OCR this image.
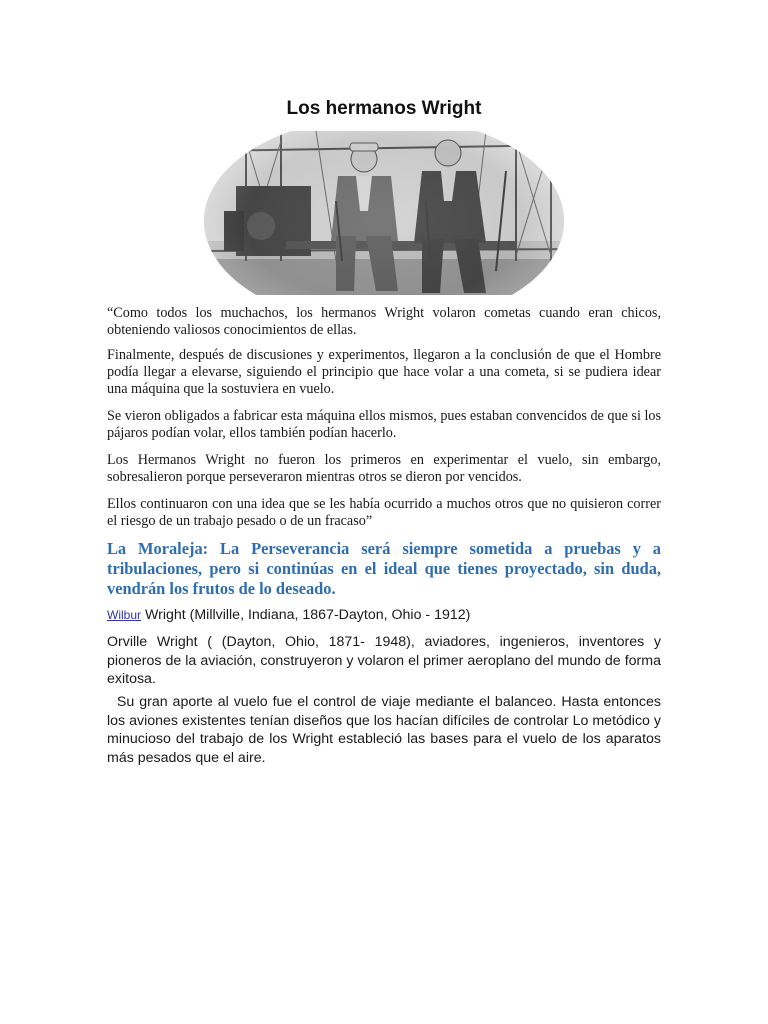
Los hermanos Wright

“Como todos los muchachos, los hermanos Wright volaron cometas cuando eran chicos, obteniendo valiosos conocimientos de ellas.

Finalmente, después de discusiones y experimentos, llegaron a la conclusión de que el Hombre podía llegar a elevarse, siguiendo el principio que hace volar a una cometa, si se pudiera idear una máquina que la sostuviera en vuelo.

Se vieron obligados a fabricar esta máquina ellos mismos, pues estaban convencidos de que si los pájaros podían volar, ellos también podían hacerlo.

Los Hermanos Wright no fueron los primeros en experimentar el vuelo, sin embargo, sobresalieron porque perseveraron mientras otros se dieron por vencidos.

Ellos continuaron con una idea que se les había ocurrido a muchos otros que no quisieron correr el riesgo de un trabajo pesado o de un fracaso”

La Moraleja: La Perseverancia será siempre sometida a pruebas y a tribulaciones, pero si continúas en el ideal que tienes proyectado, sin duda, vendrán los frutos de lo deseado.

Wilbur Wright (Millville, Indiana, 1867-Dayton, Ohio - 1912)

Orville Wright ( (Dayton, Ohio, 1871- 1948), aviadores, ingenieros, inventores y pioneros de la aviación, construyeron y volaron el primer aeroplano del mundo de forma exitosa.

Su gran aporte al vuelo fue el control de viaje mediante el balanceo. Hasta entonces los aviones existentes tenían diseños que los hacían difíciles de controlar Lo metódico y minucioso del trabajo de los Wright estableció las bases para el vuelo de los aparatos más pesados que el aire.
